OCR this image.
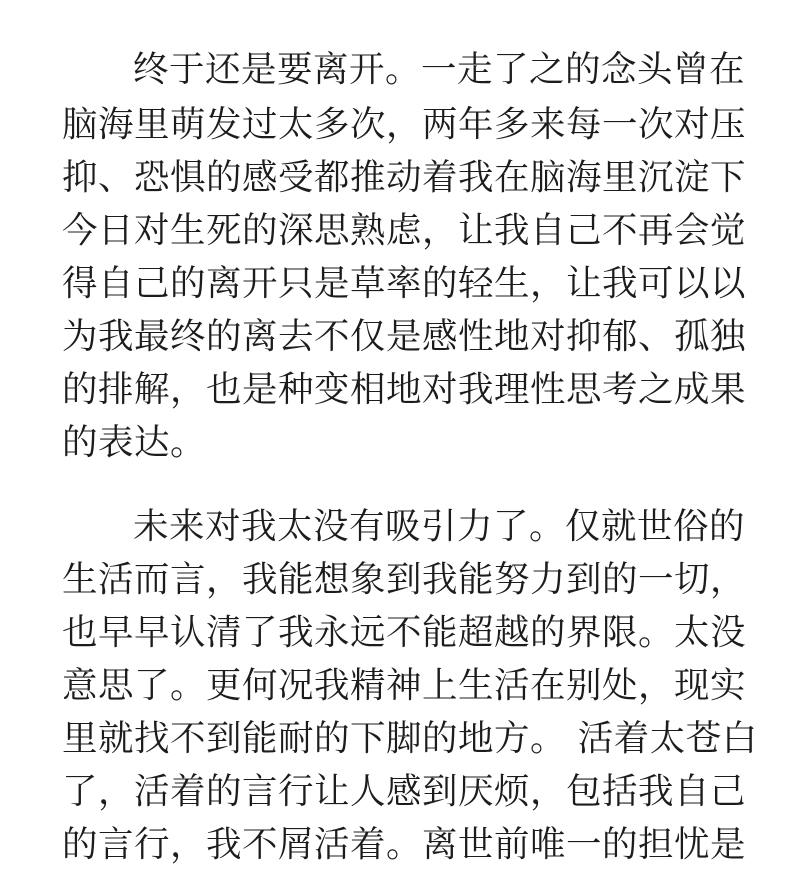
终于还是要离开。一走了之的念头曾在
脑海里萌发过太多次，两年多来每一次对压
抑、恐惧的感受都推动着我在脑海里沉淀下
今日对生死的深思熟虑，让我自己不再会觉
得自己的离开只是草率的轻生，让我可以以
为我最终的离去不仅是感性地对抑郁、孤独
的排解，也是种变相地对我理性思考之成果
的表达。
未来对我太没有吸引力了。仅就世俗的
生活而言，我能想象到我能努力到的一切，
也早早认清了我永远不能超越的界限。太没
意思了。更何况我精神上生活在别处，现实
里就找不到能耐的下脚的地方。 活着太苍白
了，活着的言行让人感到厌烦，包括我自己
的言行，我不屑活着。离世前唯一的担忧是
